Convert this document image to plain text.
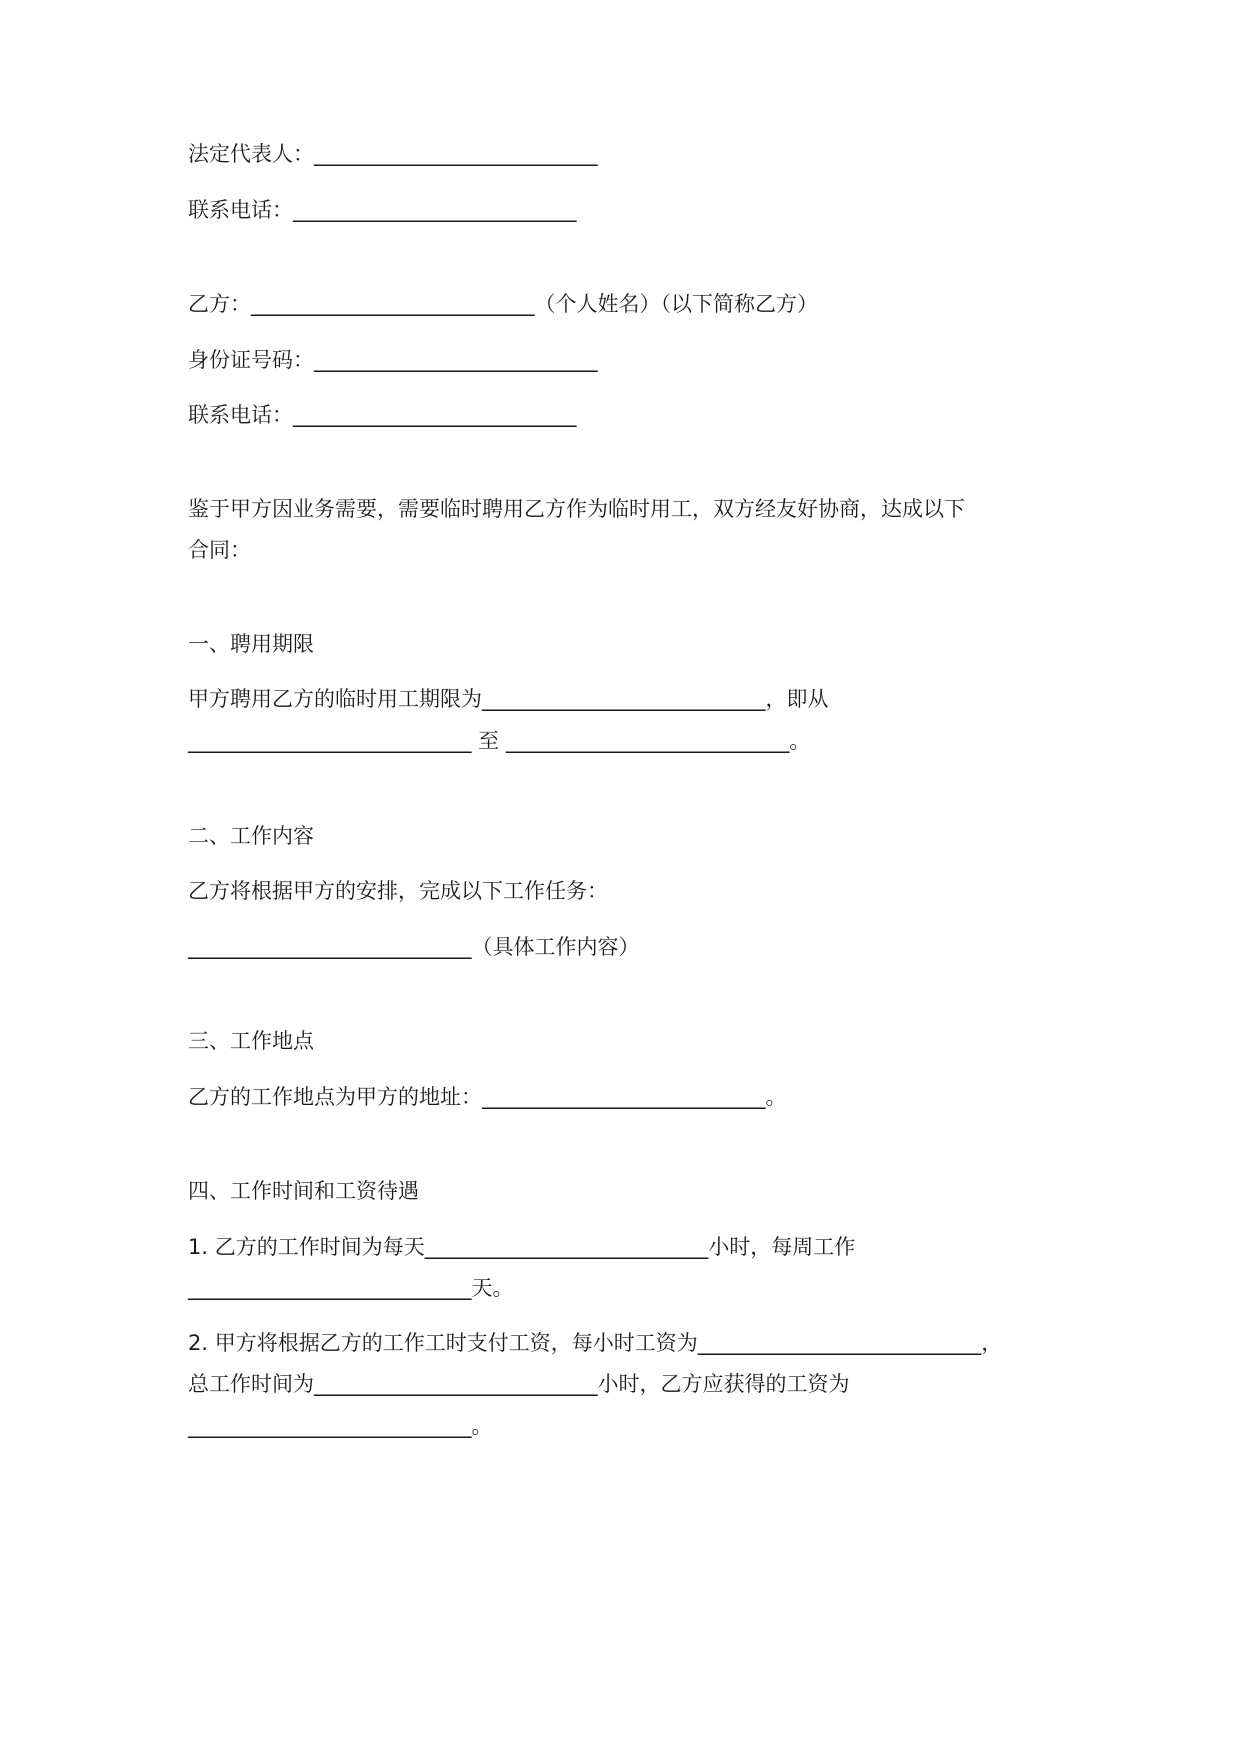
法定代表人：___________________________

联系电话：___________________________

乙方：___________________________（个人姓名）（以下简称乙方）

身份证号码：___________________________

联系电话：___________________________

鉴于甲方因业务需要，需要临时聘用乙方作为临时用工，双方经友好协商，达成以下

合同：

一、聘用期限

甲方聘用乙方的临时用工期限为___________________________，即从

___________________________ 至 ___________________________。

二、工作内容

乙方将根据甲方的安排，完成以下工作任务：

___________________________（具体工作内容）

三、工作地点

乙方的工作地点为甲方的地址：___________________________。

四、工作时间和工资待遇

1. 乙方的工作时间为每天___________________________小时，每周工作

___________________________天。

2. 甲方将根据乙方的工作工时支付工资，每小时工资为___________________________，

总工作时间为___________________________小时，乙方应获得的工资为

___________________________。
